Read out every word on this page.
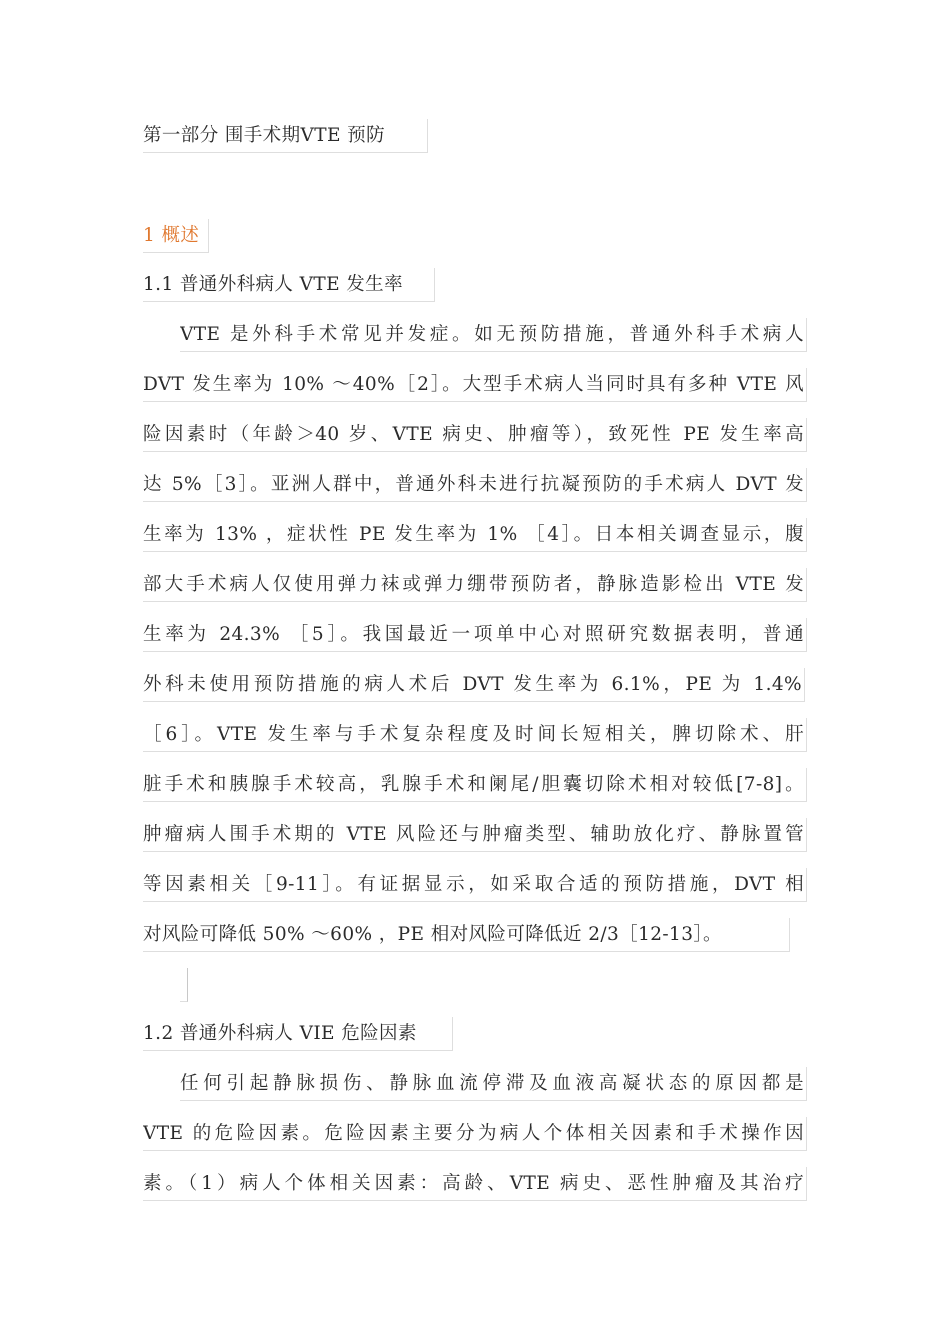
第一部分 围手术期VTE 预防
1 概述
1.1 普通外科病人 VTE 发生率
VTE 是外科手术常见并发症。如无预防措施，普通外科手术病人
DVT 发生率为 10% ～40%［2］。大型手术病人当同时具有多种 VTE 风
险因素时（年龄＞40 岁、VTE 病史、肿瘤等），致死性 PE 发生率高
达 5%［3］。亚洲人群中，普通外科未进行抗凝预防的手术病人 DVT 发
生率为 13% ，症状性 PE 发生率为 1% ［4］。日本相关调查显示，腹
部大手术病人仅使用弹力袜或弹力绷带预防者，静脉造影检出 VTE 发
生率为 24.3% ［5］。我国最近一项单中心对照研究数据表明，普通
外科未使用预防措施的病人术后 DVT 发生率为 6.1%，PE 为 1.4%
［6］。VTE 发生率与手术复杂程度及时间长短相关，脾切除术、肝
脏手术和胰腺手术较高，乳腺手术和阑尾/胆囊切除术相对较低[7-8]。
肿瘤病人围手术期的 VTE 风险还与肿瘤类型、辅助放化疗、静脉置管
等因素相关［9-11］。有证据显示，如采取合适的预防措施，DVT 相
对风险可降低 50% ～60% ，PE 相对风险可降低近 2/3［12-13］。
1.2 普通外科病人 VIE 危险因素
任何引起静脉损伤、静脉血流停滞及血液高凝状态的原因都是
VTE 的危险因素。危险因素主要分为病人个体相关因素和手术操作因
素。（1）病人个体相关因素：高龄、VTE 病史、恶性肿瘤及其治疗
